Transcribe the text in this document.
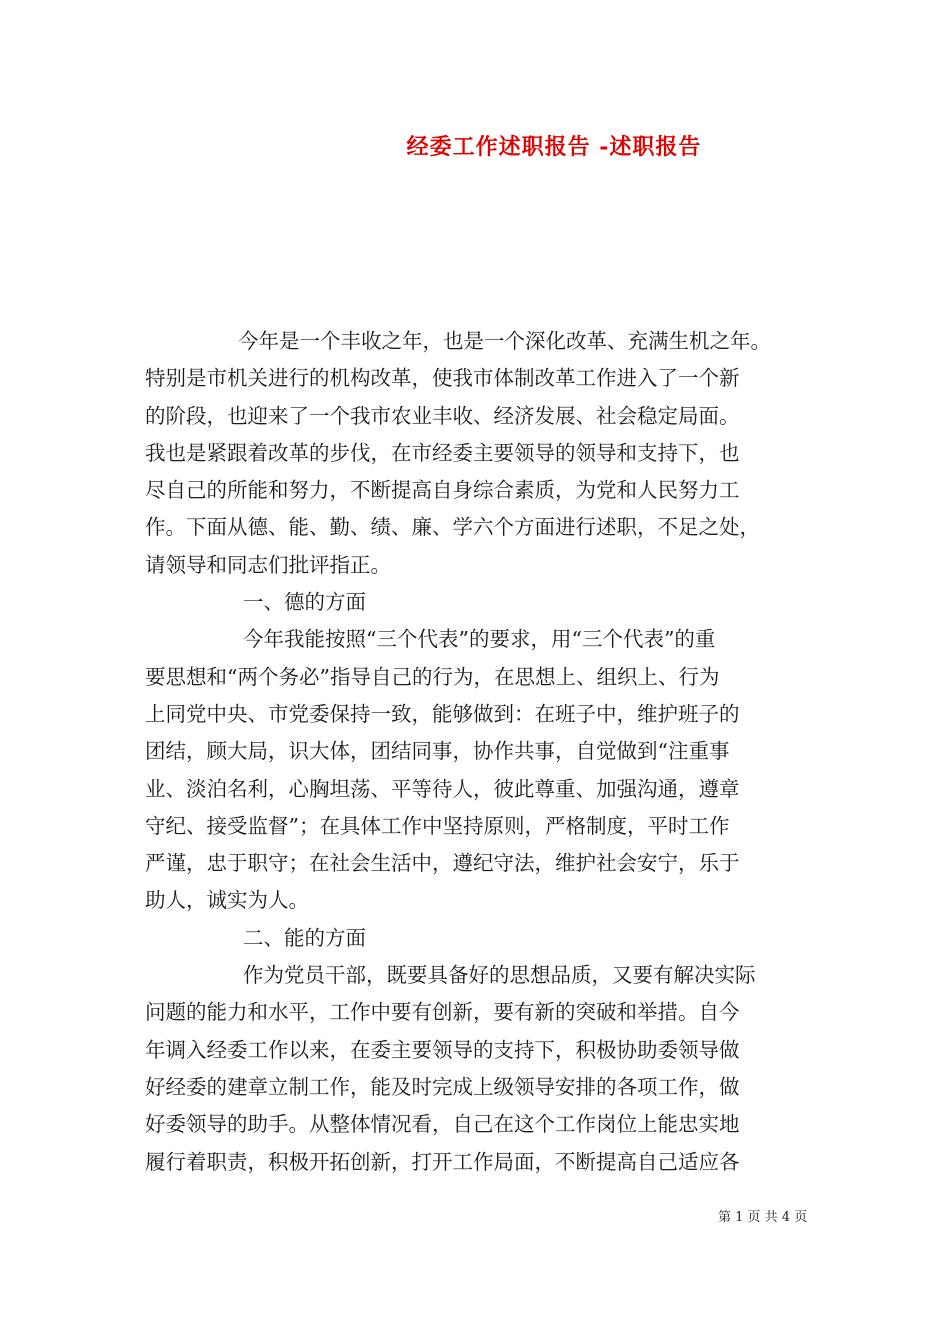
经委工作述职报告 -述职报告
今年是一个丰收之年，也是一个深化改革、充满生机之年。
特别是市机关进行的机构改革，使我市体制改革工作进入了一个新
的阶段，也迎来了一个我市农业丰收、经济发展、社会稳定局面。
我也是紧跟着改革的步伐，在市经委主要领导的领导和支持下，也
尽自己的所能和努力，不断提高自身综合素质，为党和人民努力工
作。下面从德、能、勤、绩、廉、学六个方面进行述职，不足之处，
请领导和同志们批评指正。
一、德的方面
今年我能按照“三个代表”的要求，用“三个代表”的重
要思想和“两个务必”指导自己的行为，在思想上、组织上、行为
上同党中央、市党委保持一致，能够做到：在班子中，维护班子的
团结，顾大局，识大体，团结同事，协作共事，自觉做到“注重事
业、淡泊名利，心胸坦荡、平等待人，彼此尊重、加强沟通，遵章
守纪、接受监督”；在具体工作中坚持原则，严格制度，平时工作
严谨，忠于职守；在社会生活中，遵纪守法，维护社会安宁，乐于
助人，诚实为人。
二、能的方面
作为党员干部，既要具备好的思想品质，又要有解决实际
问题的能力和水平，工作中要有创新，要有新的突破和举措。自今
年调入经委工作以来，在委主要领导的支持下，积极协助委领导做
好经委的建章立制工作，能及时完成上级领导安排的各项工作，做
好委领导的助手。从整体情况看，自己在这个工作岗位上能忠实地
履行着职责，积极开拓创新，打开工作局面，不断提高自己适应各
第 1 页 共 4 页
